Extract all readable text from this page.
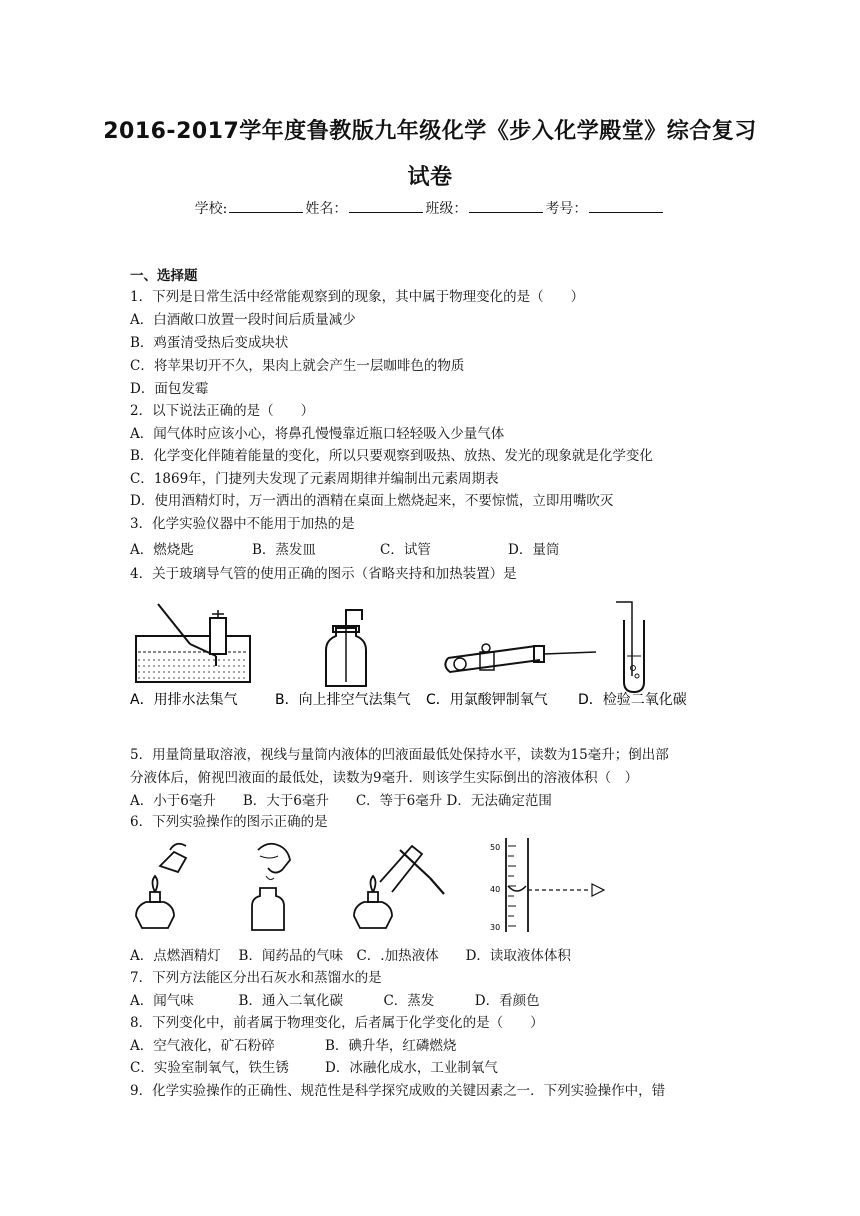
2016-2017学年度鲁教版九年级化学《步入化学殿堂》综合复习
试卷
学校:	姓名：	班级：	考号：
一、选择题
1．下列是日常生活中经常能观察到的现象，其中属于物理变化的是（　　）
A．白酒敞口放置一段时间后质量减少
B．鸡蛋清受热后变成块状
C．将苹果切开不久，果肉上就会产生一层咖啡色的物质
D．面包发霉
2．以下说法正确的是（　　）
A．闻气体时应该小心，将鼻孔慢慢靠近瓶口轻轻吸入少量气体
B．化学变化伴随着能量的变化，所以只要观察到吸热、放热、发光的现象就是化学变化
C．1869年，门捷列夫发现了元素周期律并编制出元素周期表
D．使用酒精灯时，万一洒出的酒精在桌面上燃烧起来，不要惊慌，立即用嘴吹灭
3．化学实验仪器中不能用于加热的是
A．燃烧匙	B．蒸发皿	C．试管	D．量筒
4．关于玻璃导气管的使用正确的图示（省略夹持和加热装置）是
A．用排水法集气	B．向上排空气法集气 C．用氯酸钾制氧气 D．检验二氧化碳
5．用量筒量取溶液，视线与量筒内液体的凹液面最低处保持水平，读数为15毫升；倒出部
分液体后，俯视凹液面的最低处，读数为9毫升．则该学生实际倒出的溶液体积（　）
A．小于6毫升　　B．大于6毫升　　C．等于6毫升 D．无法确定范围
6．下列实验操作的图示正确的是
50
40
30
A．点燃酒精灯　 B．闻药品的气味　C．.加热液体　　D．读取液体体积
7．下列方法能区分出石灰水和蒸馏水的是
A．闻气味　　　 B．通入二氧化碳　　　C．蒸发　　　D．看颜色
8．下列变化中，前者属于物理变化，后者属于化学变化的是（　　）
A．空气液化，矿石粉碎	B．碘升华，红磷燃烧
C．实验室制氧气，铁生锈	D．冰融化成水，工业制氧气
9．化学实验操作的正确性、规范性是科学探究成败的关键因素之一．下列实验操作中，错
